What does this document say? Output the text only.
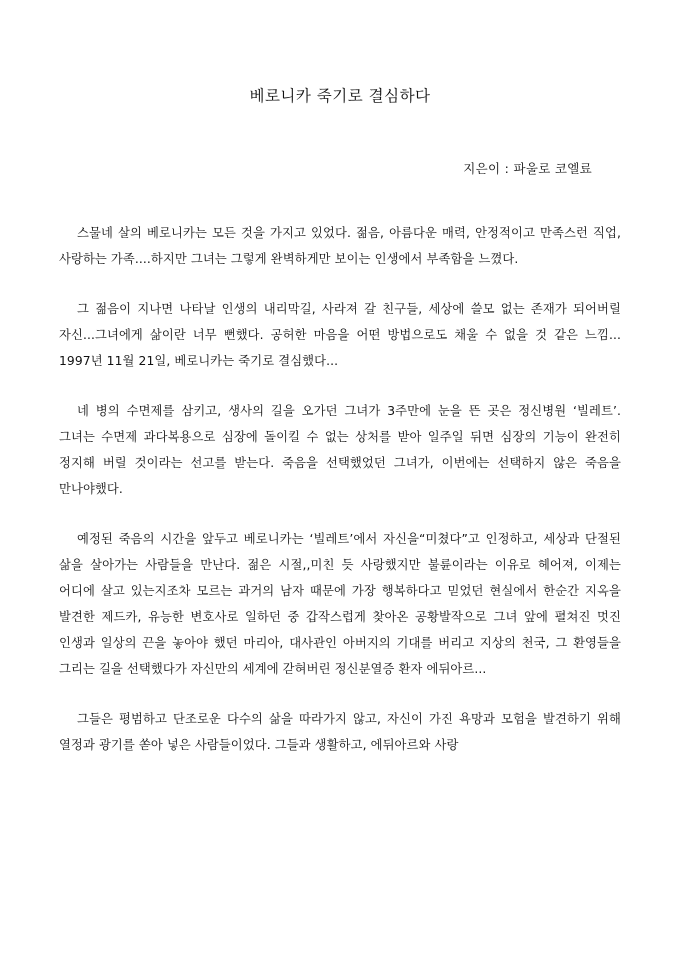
베로니카 죽기로 결심하다

지은이 : 파울로 코엘료

스물네 살의 베로니카는 모든 것을 가지고 있었다. 젊음, 아름다운 매력, 안정적이고 만족스런 직업, 사랑하는 가족....하지만 그녀는 그렇게 완벽하게만 보이는 인생에서 부족함을 느꼈다.

그 젊음이 지나면 나타날 인생의 내리막길, 사라져 갈 친구들, 세상에 쓸모 없는 존재가 되어버릴 자신...그녀에게 삶이란 너무 뻔했다. 공허한 마음을 어떤 방법으로도 채울 수 없을 것 같은 느낌... 1997년 11월 21일, 베로니카는 죽기로 결심했다...

네 병의 수면제를 삼키고, 생사의 길을 오가던 그녀가 3주만에 눈을 뜬 곳은 정신병원 ‘빌레트’. 그녀는 수면제 과다복용으로 심장에 돌이킬 수 없는 상처를 받아 일주일 뒤면 심장의 기능이 완전히 정지해 버릴 것이라는 선고를 받는다. 죽음을 선택했었던 그녀가, 이번에는 선택하지 않은 죽음을 만나야했다.

예정된 죽음의 시간을 앞두고 베로니카는 ‘빌레트’에서 자신을“미쳤다”고 인정하고, 세상과 단절된 삶을 살아가는 사람들을 만난다. 젊은 시절,,미친 듯 사랑했지만 불륜이라는 이유로 헤어져, 이제는 어디에 살고 있는지조차 모르는 과거의 남자 때문에 가장 행복하다고 믿었던 현실에서 한순간 지옥을 발견한 제드카, 유능한 변호사로 일하던 중 갑작스럽게 찾아온 공황발작으로 그녀 앞에 펼쳐진 멋진 인생과 일상의 끈을 놓아야 했던 마리아, 대사관인 아버지의 기대를 버리고 지상의 천국, 그 환영들을 그리는 길을 선택했다가 자신만의 세계에 갇혀버린 정신분열증 환자 에뒤아르...

그들은 평범하고 단조로운 다수의 삶을 따라가지 않고, 자신이 가진 욕망과 모험을 발견하기 위해 열정과 광기를 쏟아 넣은 사람들이었다. 그들과 생활하고, 에뒤아르와 사랑
